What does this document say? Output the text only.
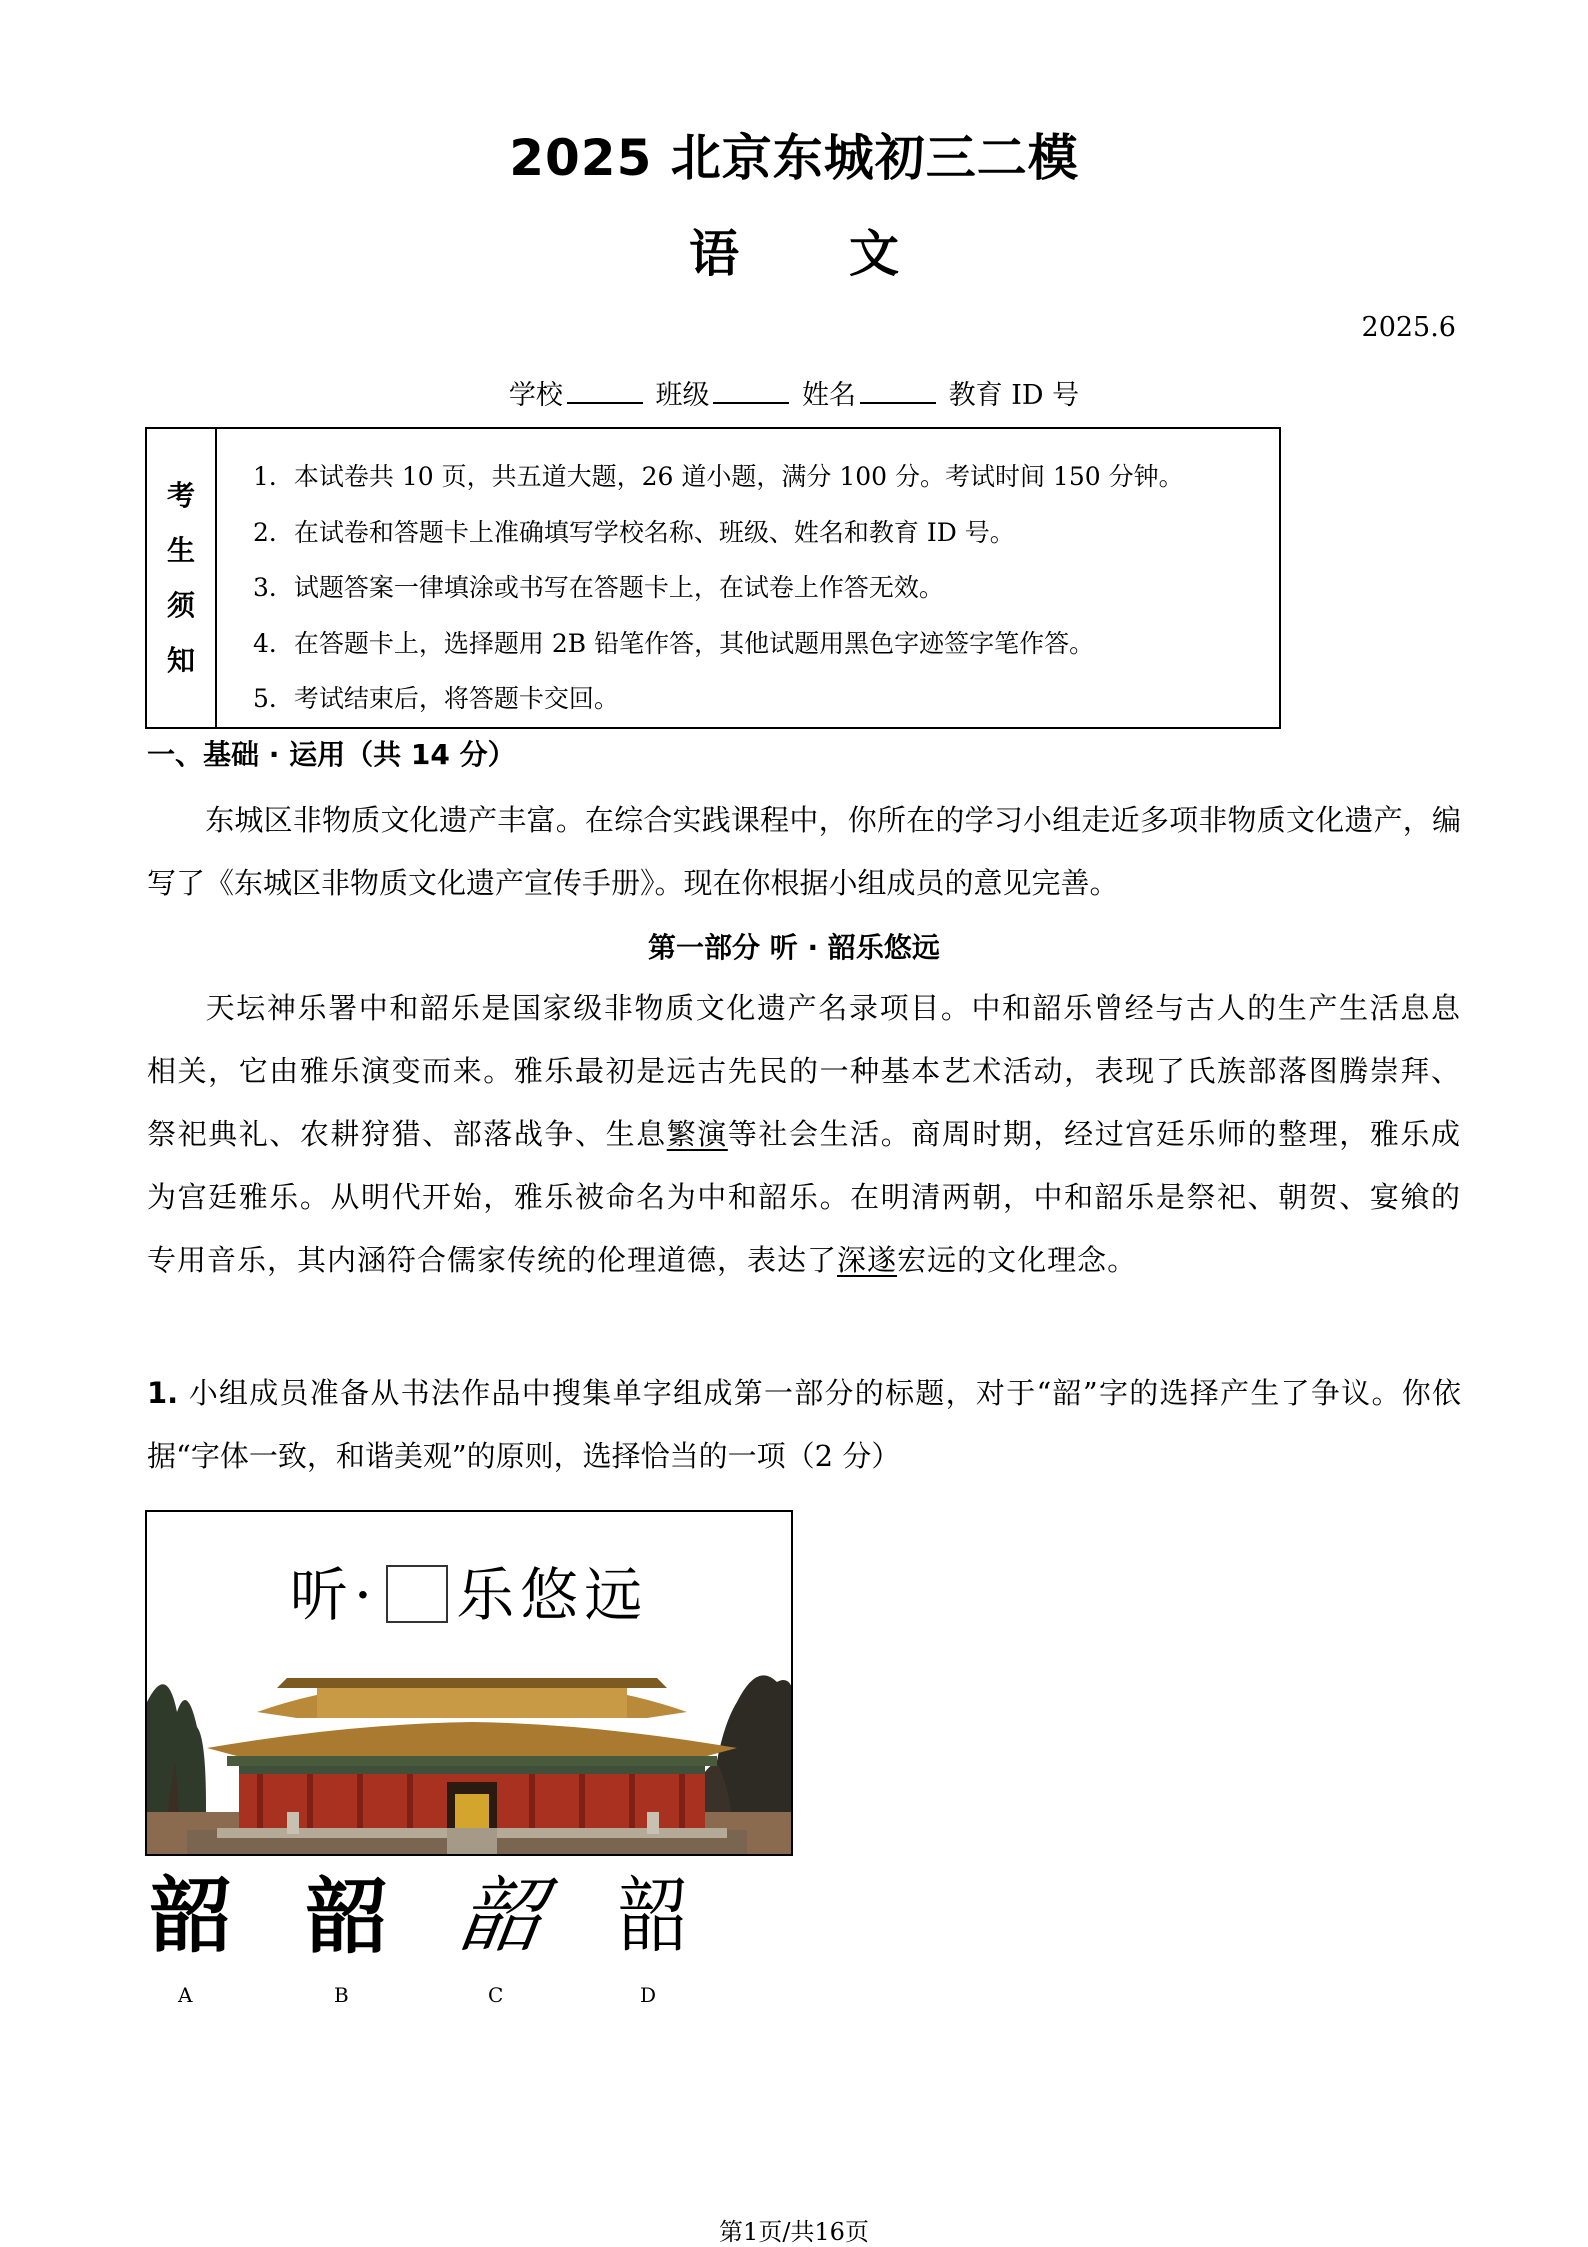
2025 北京东城初三二模
语 文
2025.6
学校	班级	姓名	教育 ID 号
考
生
须
知
1．本试卷共 10 页，共五道大题，26 道小题，满分 100 分。考试时间 150 分钟。
2．在试卷和答题卡上准确填写学校名称、班级、姓名和教育 ID 号。
3．试题答案一律填涂或书写在答题卡上，在试卷上作答无效。
4．在答题卡上，选择题用 2B 铅笔作答，其他试题用黑色字迹签字笔作答。
5．考试结束后，将答题卡交回。
一、基础 · 运用（共 14 分）
东城区非物质文化遗产丰富。在综合实践课程中，你所在的学习小组走近多项非物质文化遗产，编写了《东城区非物质文化遗产宣传手册》。现在你根据小组成员的意见完善。
第一部分 听 · 韶乐悠远
天坛神乐署中和韶乐是国家级非物质文化遗产名录项目。中和韶乐曾经与古人的生产生活息息相关，它由雅乐演变而来。雅乐最初是远古先民的一种基本艺术活动，表现了氏族部落图腾崇拜、祭祀典礼、农耕狩 ·猎、部落战争、生息繁演等社会生活。商周时期，经过宫廷乐师的整理，雅乐成为宫廷雅乐。从明代开始，雅乐被命名为中和韶乐。在明清两朝，中和韶乐是祭祀、朝贺、宴飨的专用音乐，其内涵符 ·合儒家传统的伦理道德，表达了深遂宏远的文化理念。
1. 小组成员准备从书法作品中搜集单字组成第一部分的标题，对于“韶”字的选择产生了争议。你依据“字体一致，和谐美观”的原则，选择恰当的一项（2 分）
听· 乐悠远
韶 韶 韶 韶
A	B	C	D
第1页/共16页
